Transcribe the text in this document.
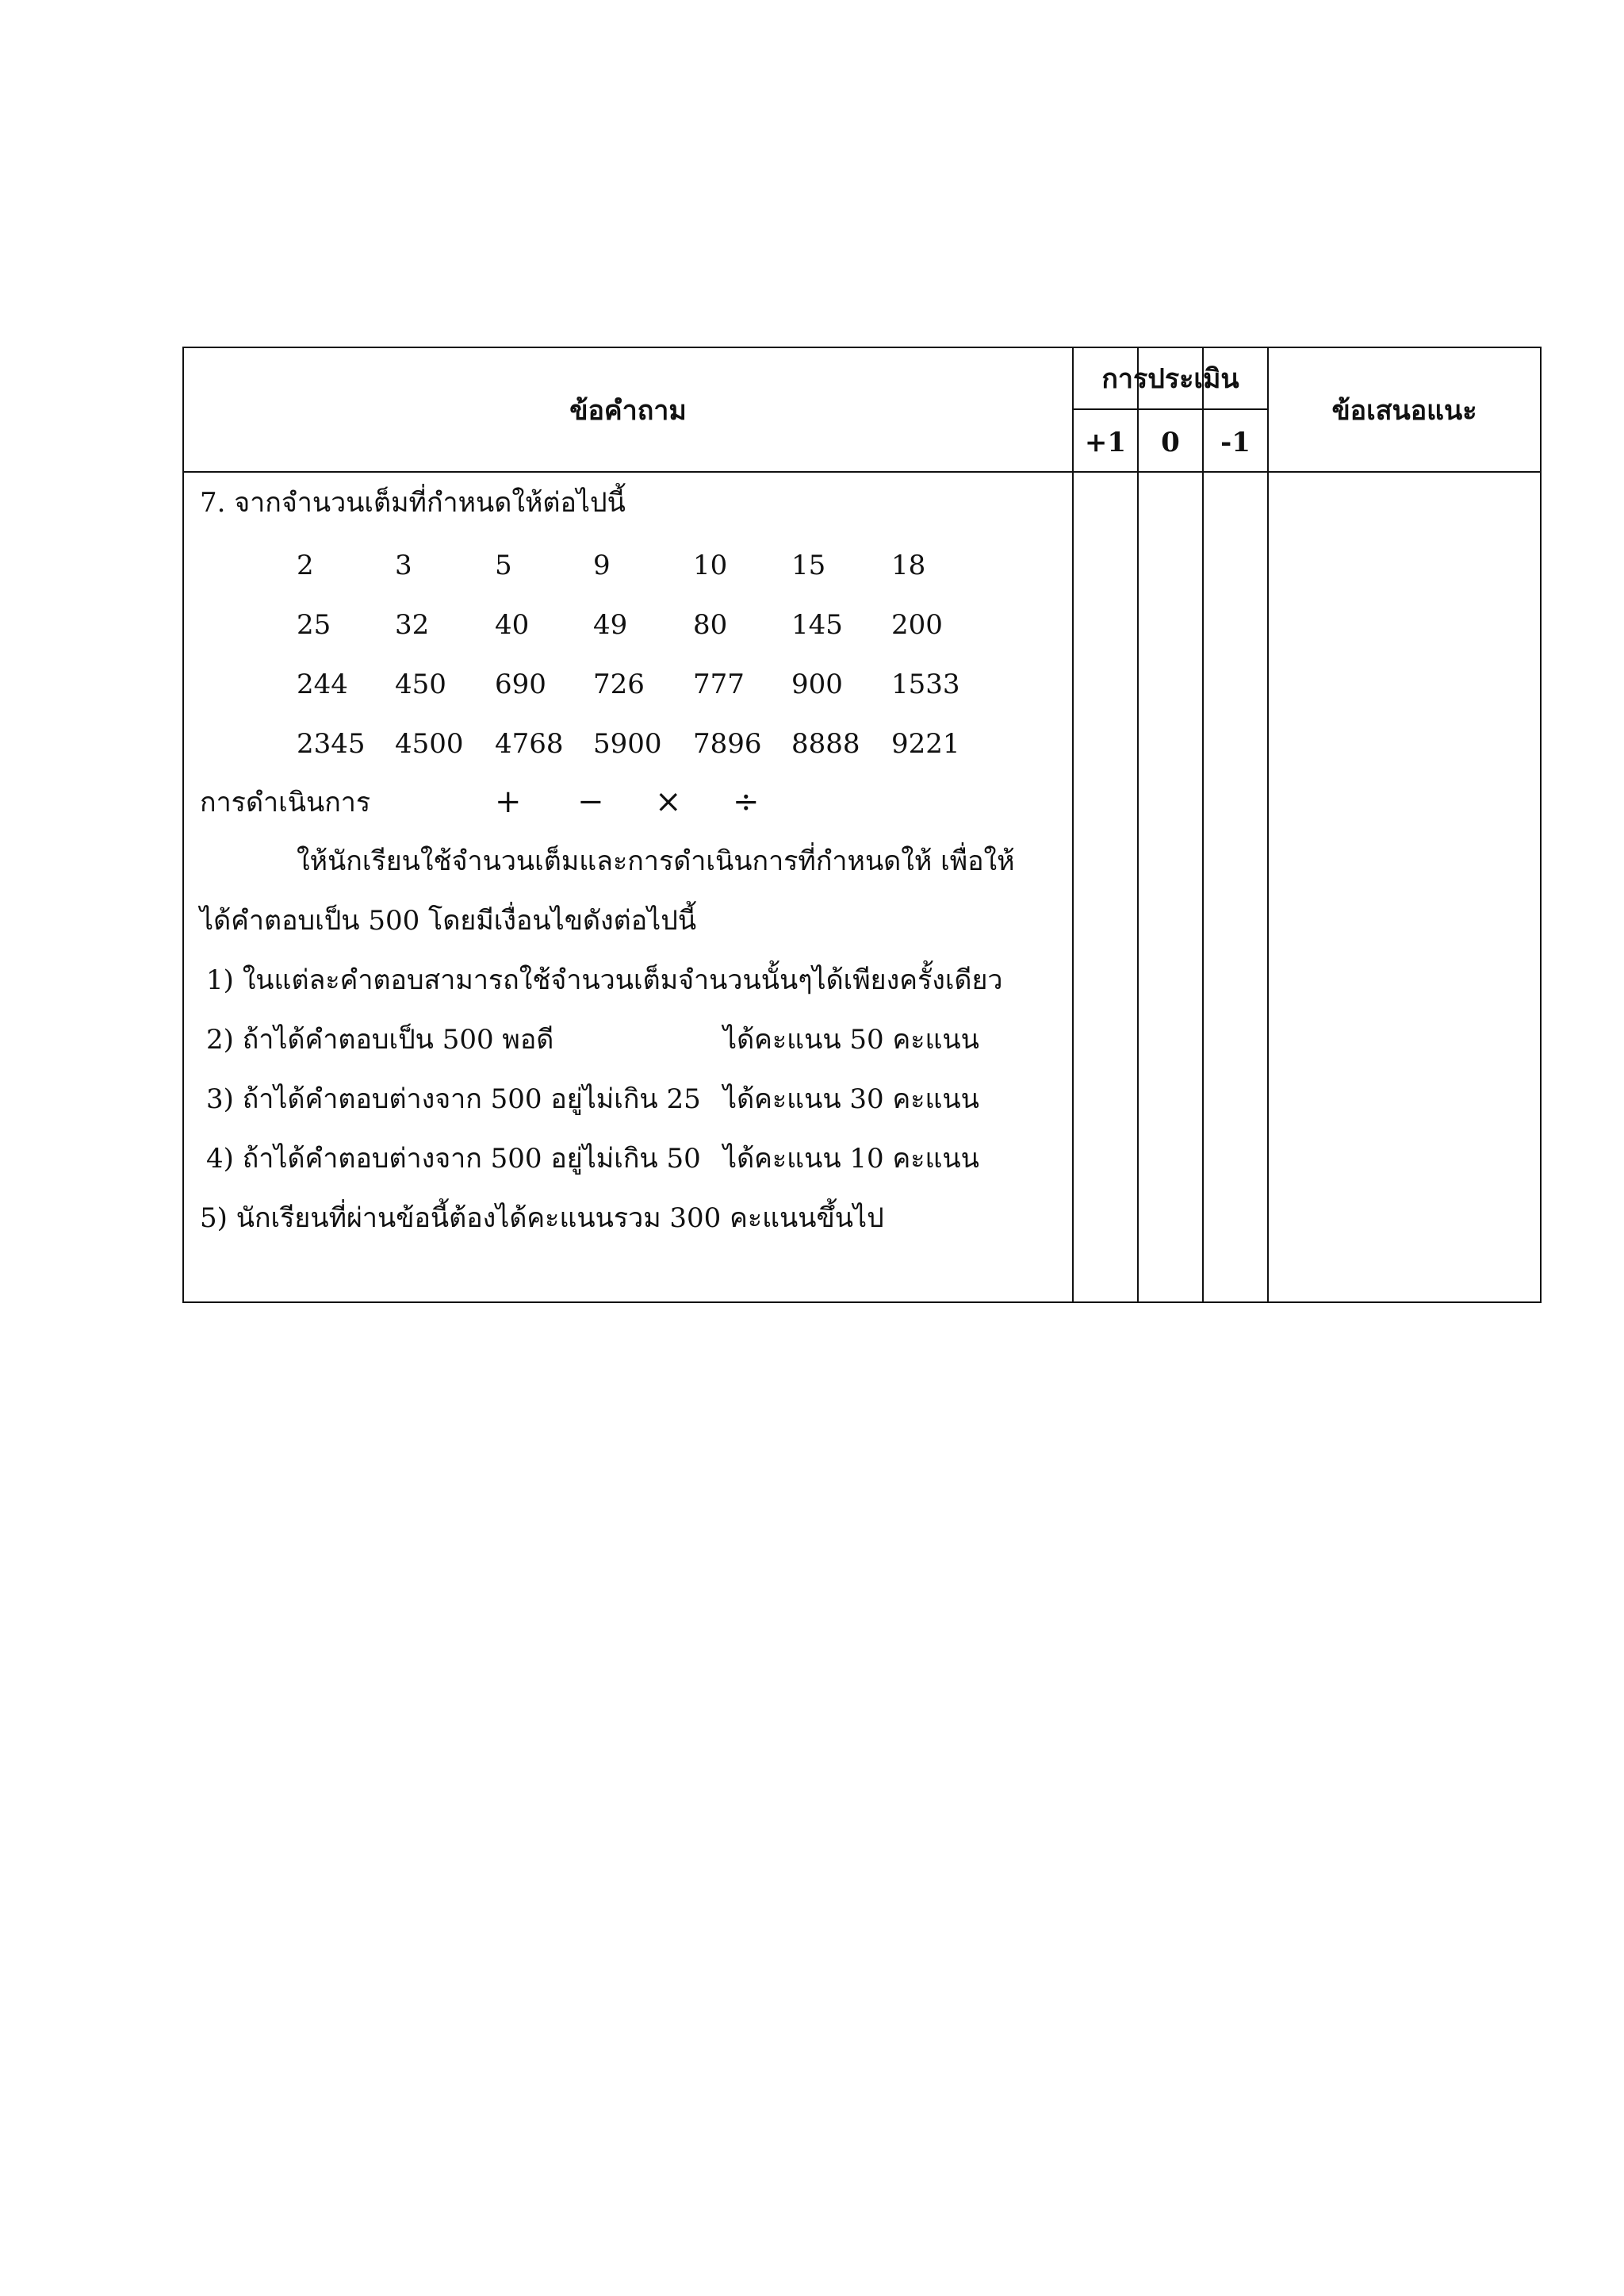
ข้อคำถาม
การประเมิน
+1	0	-1
ข้อเสนอแนะ
7. จากจำนวนเต็มที่กำหนดให้ต่อไปนี้
2	3	5	9	10 15 18
25 32 40 49 80 145 200
244 450 690 726 777 900 1533
2345 4500 4768 5900 7896 8888 9221
การดำเนินการ	+ − × ÷
ให้นักเรียนใช้จำนวนเต็มและการดำเนินการที่กำหนดให้ เพื่อให้
ได้คำตอบเป็น 500 โดยมีเงื่อนไขดังต่อไปนี้
1) ในแต่ละคำตอบสามารถใช้จำนวนเต็มจำนวนนั้นๆได้เพียงครั้งเดียว
2) ถ้าได้คำตอบเป็น 500 พอดี	ได้คะแนน 50 คะแนน
3) ถ้าได้คำตอบต่างจาก 500 อยู่ไม่เกิน 25 ได้คะแนน 30 คะแนน
4) ถ้าได้คำตอบต่างจาก 500 อยู่ไม่เกิน 50 ได้คะแนน 10 คะแนน
5) นักเรียนที่ผ่านข้อนี้ต้องได้คะแนนรวม 300 คะแนนขึ้นไป
